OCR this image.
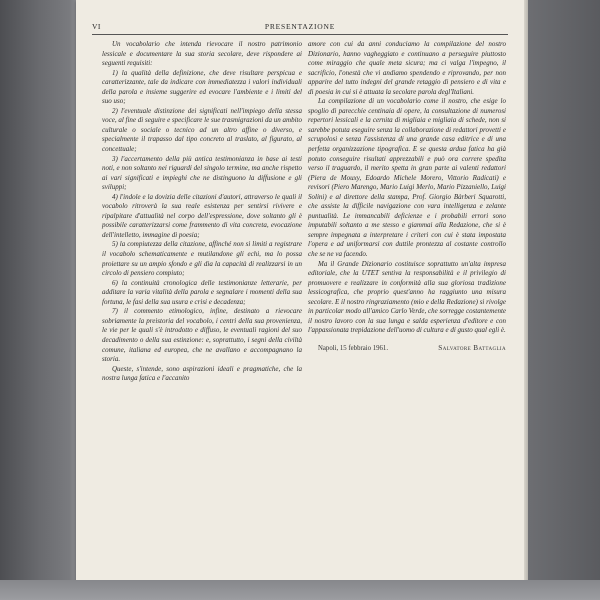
VI	PRESENTAZIONE

Un vocabolario che intenda rievocare il nostro patrimonio lessicale e documentare la sua storia secolare, deve rispondere ai seguenti requisiti:

1) la qualità della definizione, che deve risultare perspicua e caratterizzante, tale da indicare con immediatezza i valori individuali della parola e insieme suggerire ed evocare l'ambiente e i limiti del suo uso;

2) l'eventuale distinzione dei significati nell'impiego della stessa voce, al fine di seguire e specificare le sue trasmigrazioni da un ambito culturale o sociale o tecnico ad un altro affine o diverso, e specialmente il trapasso dal tipo concreto al traslato, al figurato, al concettuale;

3) l'accertamento della più antica testimonianza in base ai testi noti, e non soltanto nei riguardi del singolo termine, ma anche rispetto ai vari significati e impieghi che ne distinguono la diffusione e gli sviluppi;

4) l'indole e la dovizia delle citazioni d'autori, attraverso le quali il vocabolo ritroverà la sua reale esistenza per sentirsi rivivere e ripalpitare d'attualità nel corpo dell'espressione, dove soltanto gli è possibile caratterizzarsi come frammento di vita concreta, evocazione dell'intelletto, immagine di poesia;

5) la compiutezza della citazione, affinché non si limiti a registrare il vocabolo schematicamente e mutilandone gli echi, ma lo possa proiettare su un ampio sfondo e gli dia la capacità di realizzarsi in un circolo di pensiero compiuto;

6) la continuità cronologica delle testimonianze letterarie, per additare la varia vitalità della parola e segnalare i momenti della sua fortuna, le fasi della sua usura e crisi e decadenza;

7) il commento etimologico, infine, destinato a rievocare sobriamente la preistoria del vocabolo, i centri della sua provenienza, le vie per le quali s'è introdotto e diffuso, le eventuali ragioni del suo decadimento o della sua estinzione: e, soprattutto, i segni della civiltà comune, italiana ed europea, che ne avallano e accompagnano la storia.

Queste, s'intende, sono aspirazioni ideali e pragmatiche, che la nostra lunga fatica e l'accanito

amore con cui da anni conduciamo la compilazione del nostro Dizionario, hanno vagheggiato e continuano a perseguire piuttosto come miraggio che quale meta sicura; ma ci valga l'impegno, il sacrificio, l'onestà che vi andiamo spendendo e riprovando, per non apparire del tutto indegni del grande retaggio di pensiero e di vita e di poesia in cui si è attuata la secolare parola degl'Italiani.

La compilazione di un vocabolario come il nostro, che esige lo spoglio di parecchie centinaia di opere, la consultazione di numerosi repertori lessicali e la cernita di migliaia e migliaia di schede, non si sarebbe potuta eseguire senza la collaborazione di redattori provetti e scrupolosi e senza l'assistenza di una grande casa editrice e di una perfetta organizzazione tipografica. E se questa ardua fatica ha già potuto conseguire risultati apprezzabili e può ora correre spedita verso il traguardo, il merito spetta in gran parte ai valenti redattori (Piera de Mouxy, Edoardo Michele Morero, Vittorio Radicati) e revisori (Piero Marengo, Mario Luigi Merlo, Mario Pizzaniello, Luigi Solini) e al direttore della stampa, Prof. Giorgio Bàrberi Squarotti, che assiste la difficile navigazione con vara intelligenza e zelante puntualità. Le immancabili deficienze e i probabili errori sono imputabili soltanto a me stesso e giammai alla Redazione, che si è sempre impegnata a interpretare i criteri con cui è stata impostata l'opera e ad uniformarsi con duttile prontezza al costante controllo che se ne va facendo.

Ma il Grande Dizionario costituisce soprattutto un'alta impresa editoriale, che la UTET sentiva la responsabilità e il privilegio di promuovere e realizzare in conformità alla sua gloriosa tradizione lessicografica, che proprio quest'anno ha raggiunto una misura secolare. E il nostro ringraziamento (mio e della Redazione) si rivolge in particolar modo all'amico Carlo Verde, che sorregge costantemente il nostro lavoro con la sua lunga e salda esperienza d'editore e con l'appassionata trepidazione dell'uomo di cultura e di gusto qual egli è.

Napoli, 15 febbraio 1961.	Salvatore Battaglia
